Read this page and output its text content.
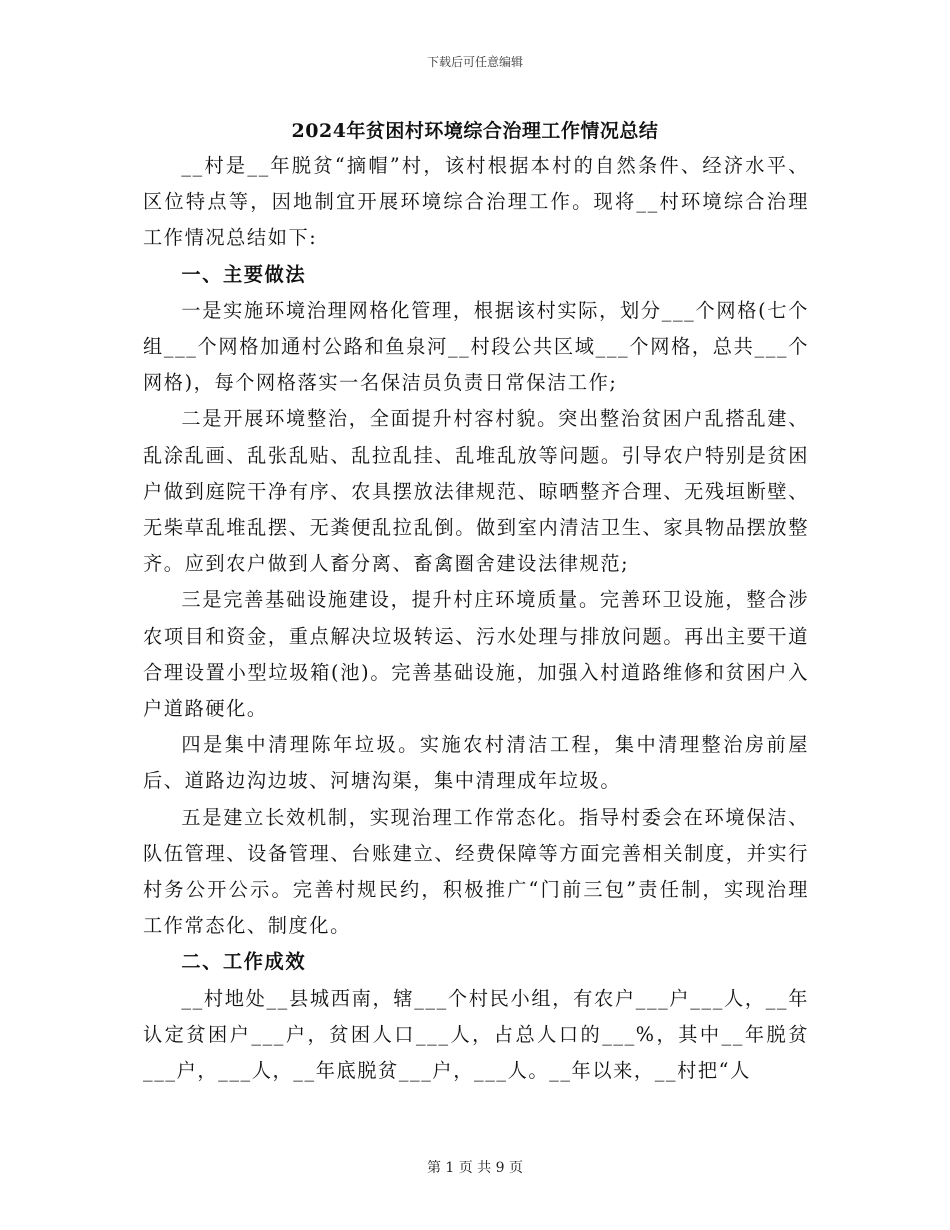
下载后可任意编辑
2024年贫困村环境综合治理工作情况总结

__村是__年脱贫“摘帽”村，该村根据本村的自然条件、经济水平、区位特点等，因地制宜开展环境综合治理工作。现将__村环境综合治理工作情况总结如下:

一、主要做法

一是实施环境治理网格化管理，根据该村实际，划分___个网格(七个组___个网格加通村公路和鱼泉河__村段公共区域___个网格，总共___个网格)，每个网格落实一名保洁员负责日常保洁工作;

二是开展环境整治，全面提升村容村貌。突出整治贫困户乱搭乱建、乱涂乱画、乱张乱贴、乱拉乱挂、乱堆乱放等问题。引导农户特别是贫困户做到庭院干净有序、农具摆放法律规范、晾晒整齐合理、无残垣断壁、无柴草乱堆乱摆、无粪便乱拉乱倒。做到室内清洁卫生、家具物品摆放整齐。应到农户做到人畜分离、畜禽圈舍建设法律规范;

三是完善基础设施建设，提升村庄环境质量。完善环卫设施，整合涉农项目和资金，重点解决垃圾转运、污水处理与排放问题。再出主要干道合理设置小型垃圾箱(池)。完善基础设施，加强入村道路维修和贫困户入户道路硬化。

四是集中清理陈年垃圾。实施农村清洁工程，集中清理整治房前屋后、道路边沟边坡、河塘沟渠，集中清理成年垃圾。

五是建立长效机制，实现治理工作常态化。指导村委会在环境保洁、队伍管理、设备管理、台账建立、经费保障等方面完善相关制度，并实行村务公开公示。完善村规民约，积极推广“门前三包”责任制，实现治理工作常态化、制度化。

二、工作成效

__村地处__县城西南，辖___个村民小组，有农户___户___人，__年认定贫困户___户，贫困人口___人，占总人口的___%，其中__年脱贫___户，___人，__年底脱贫___户，___人。__年以来，__村把“人

第 1 页 共 9 页
